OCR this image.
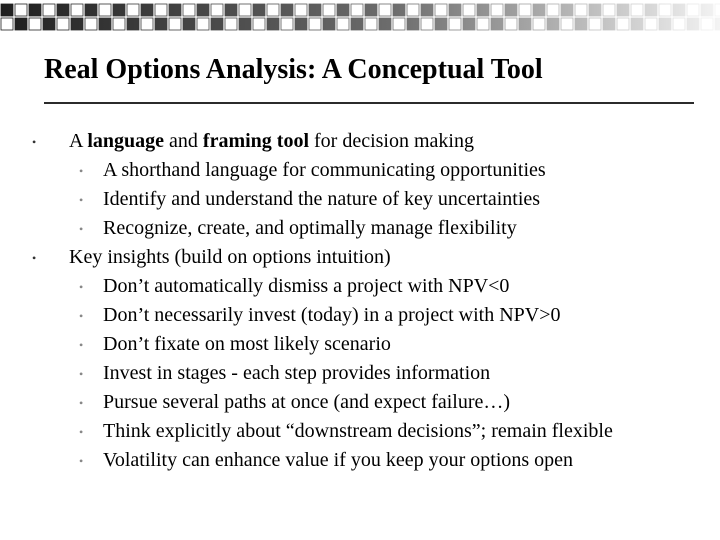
Real Options Analysis: A Conceptual Tool
• A language and framing tool for decision making
• A shorthand language for communicating opportunities
• Identify and understand the nature of key uncertainties
• Recognize, create, and optimally manage flexibility
• Key insights (build on options intuition)
• Don’t automatically dismiss a project with NPV<0
• Don’t necessarily invest (today) in a project with NPV>0
• Don’t fixate on most likely scenario
• Invest in stages - each step provides information
• Pursue several paths at once (and expect failure…)
• Think explicitly about “downstream decisions”; remain flexible
• Volatility can enhance value if you keep your options open
